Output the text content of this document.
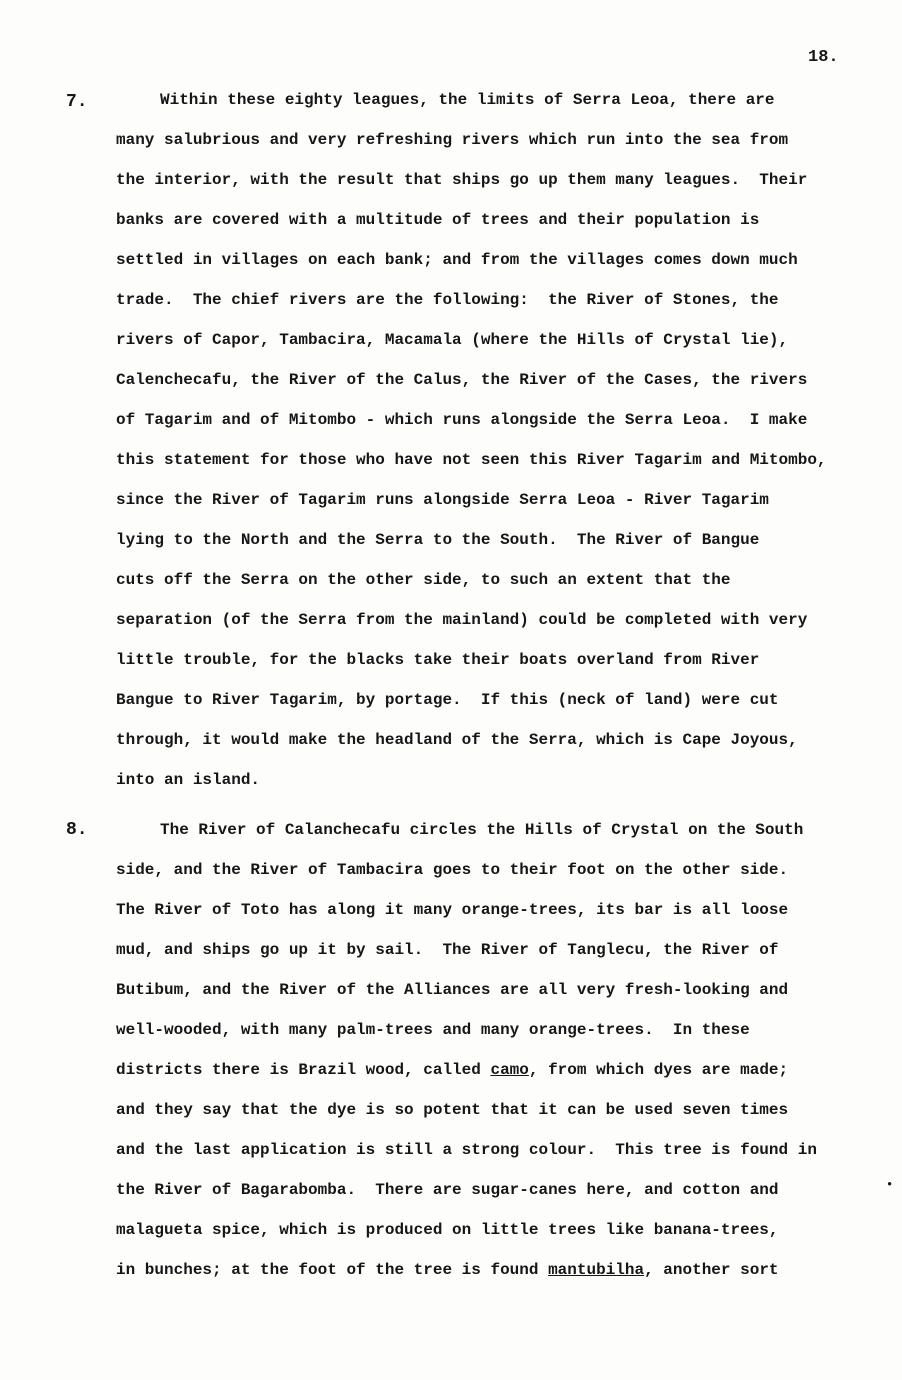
18.
7.	Within these eighty leagues, the limits of Serra Leoa, there are
many salubrious and very refreshing rivers which run into the sea from
the interior, with the result that ships go up them many leagues.  Their
banks are covered with a multitude of trees and their population is
settled in villages on each bank; and from the villages comes down much
trade.  The chief rivers are the following:  the River of Stones, the
rivers of Capor, Tambacira, Macamala (where the Hills of Crystal lie),
Calenchecafu, the River of the Calus, the River of the Cases, the rivers
of Tagarim and of Mitombo - which runs alongside the Serra Leoa.  I make
this statement for those who have not seen this River Tagarim and Mitombo,
since the River of Tagarim runs alongside Serra Leoa - River Tagarim
lying to the North and the Serra to the South.  The River of Bangue
cuts off the Serra on the other side, to such an extent that the
separation (of the Serra from the mainland) could be completed with very
little trouble, for the blacks take their boats overland from River
Bangue to River Tagarim, by portage.  If this (neck of land) were cut
through, it would make the headland of the Serra, which is Cape Joyous,
into an island.
8.	The River of Calanchecafu circles the Hills of Crystal on the South
side, and the River of Tambacira goes to their foot on the other side.
The River of Toto has along it many orange-trees, its bar is all loose
mud, and ships go up it by sail.  The River of Tanglecu, the River of
Butibum, and the River of the Alliances are all very fresh-looking and
well-wooded, with many palm-trees and many orange-trees.  In these
districts there is Brazil wood, called camo, from which dyes are made;
and they say that the dye is so potent that it can be used seven times
and the last application is still a strong colour.  This tree is found in
the River of Bagarabomba.  There are sugar-canes here, and cotton and
malagueta spice, which is produced on little trees like banana-trees,
in bunches; at the foot of the tree is found mantubilha, another sort
•
